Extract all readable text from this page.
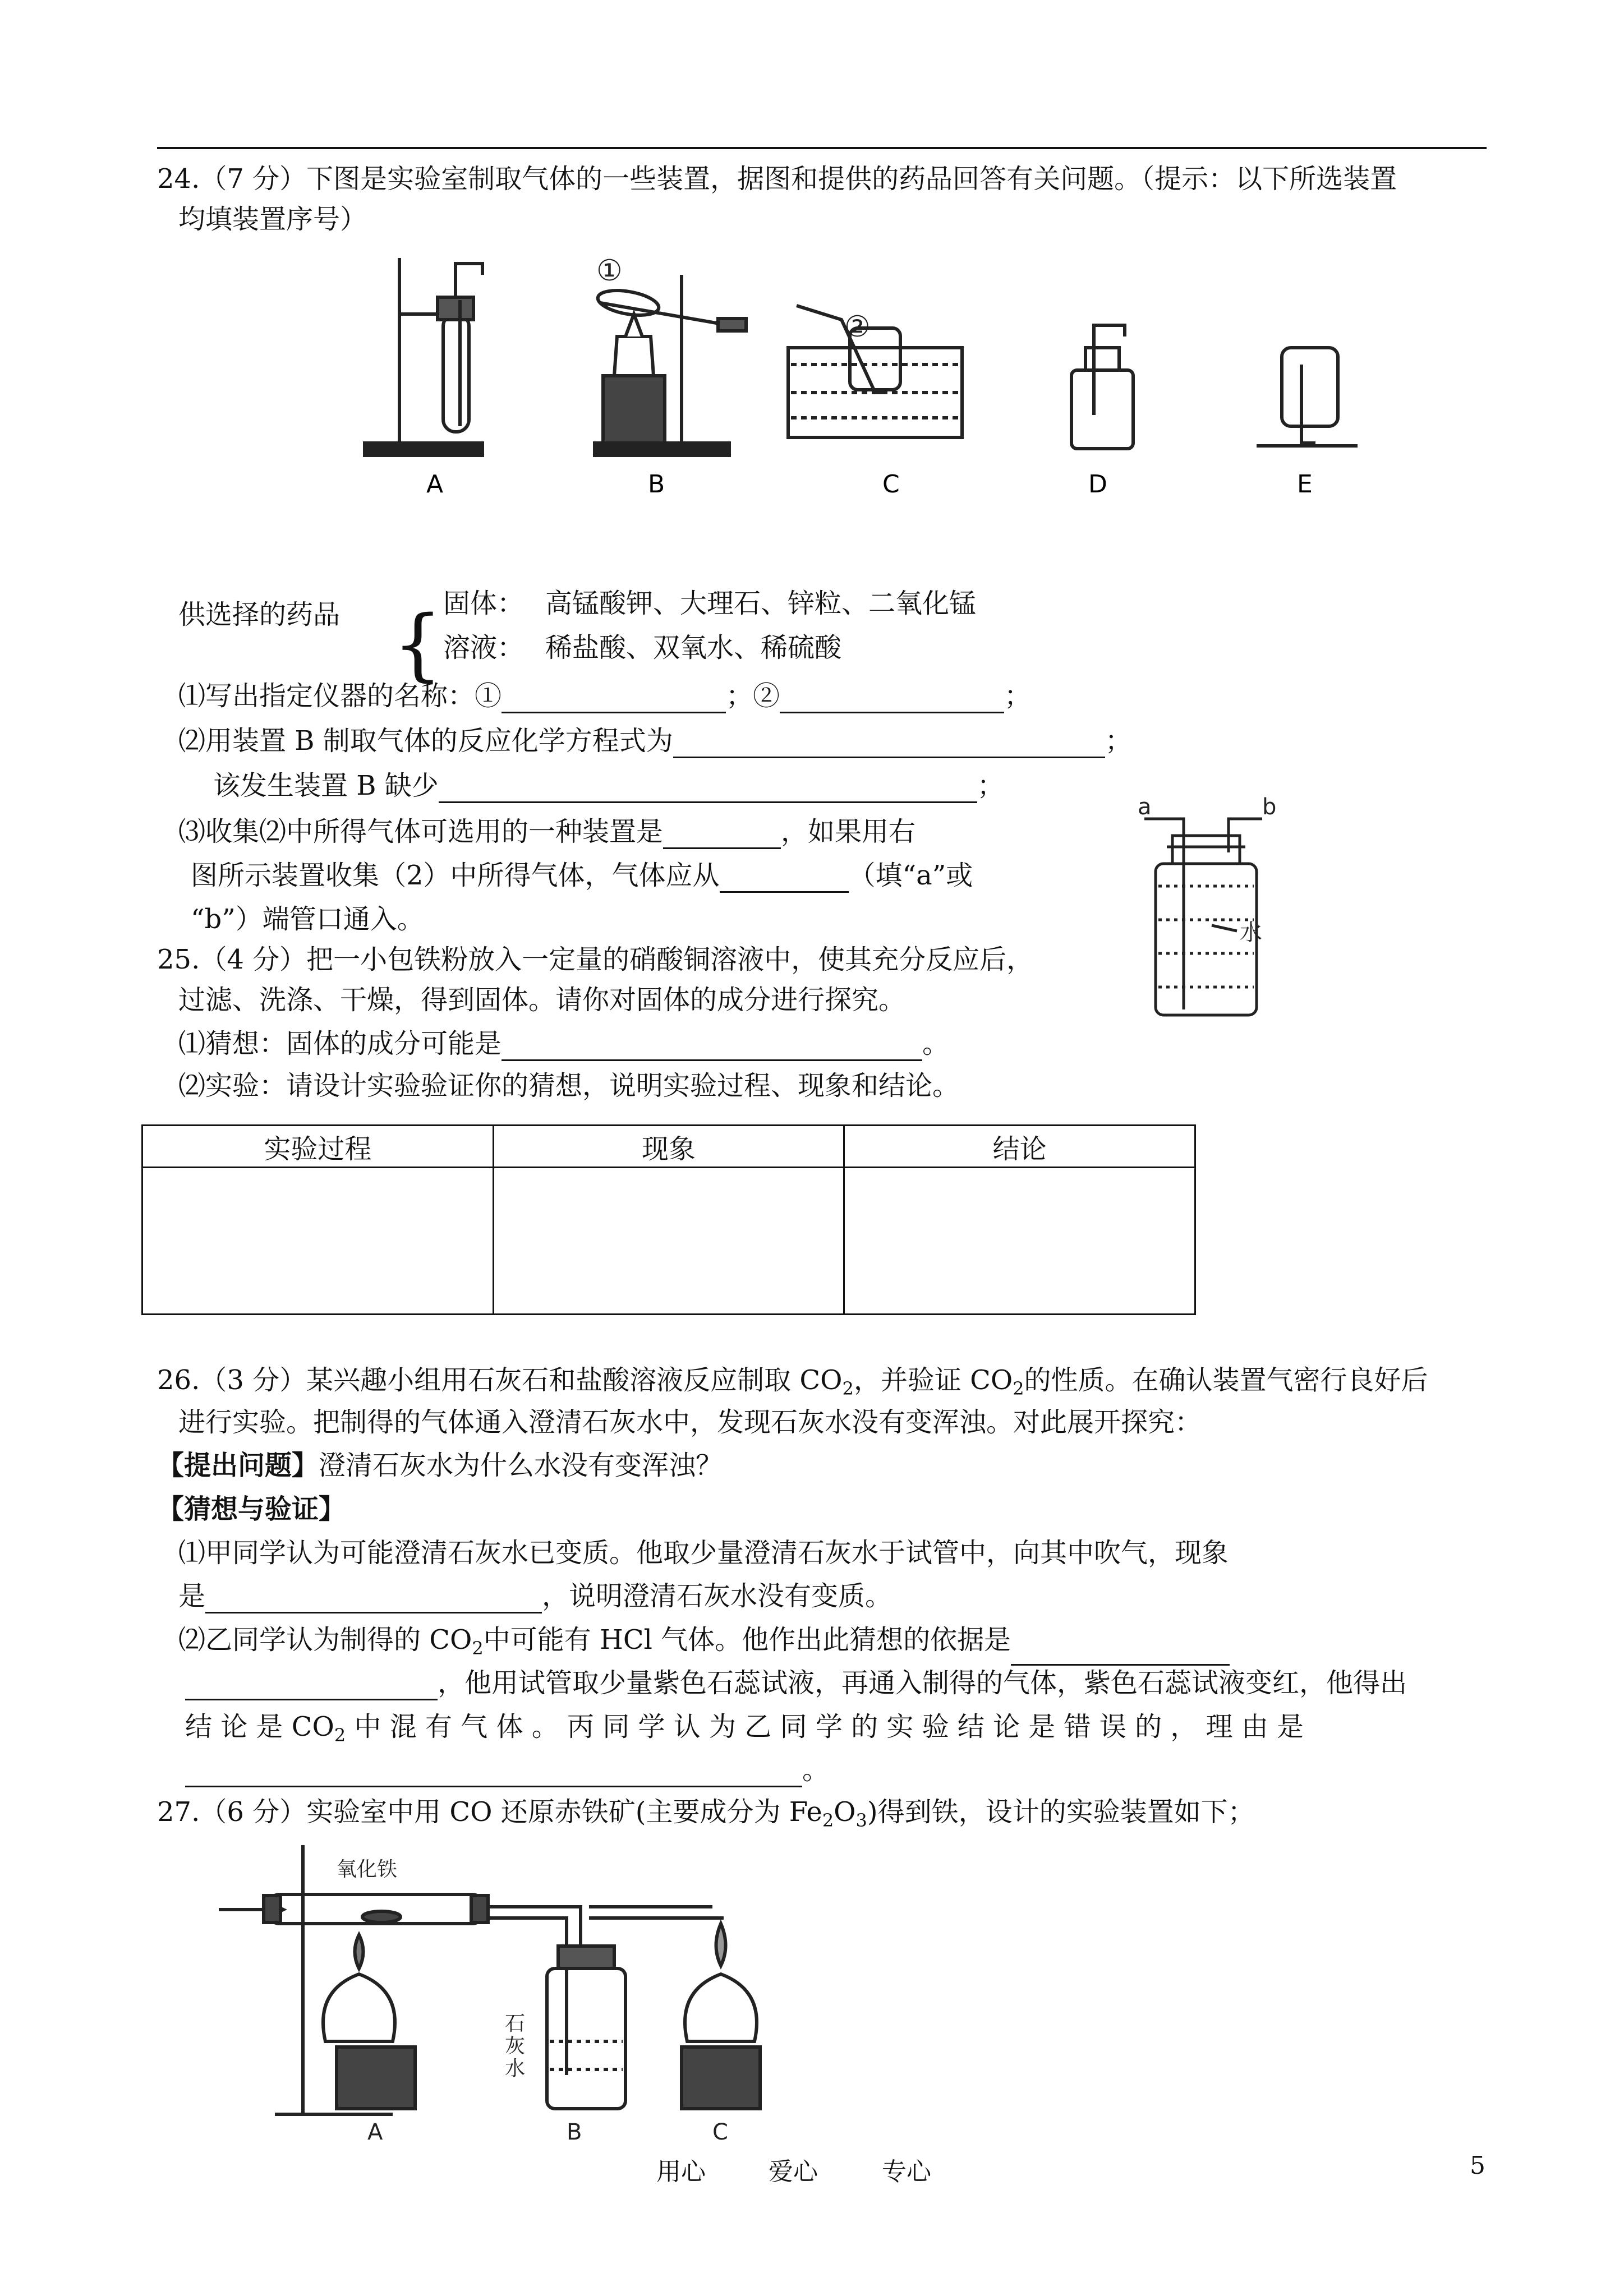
24.（7 分）下图是实验室制取气体的一些装置，据图和提供的药品回答有关问题。（提示：以下所选装置
均填装置序号）
①
②
A	B	C	D	E
a	b
水
供选择的药品 { 固体： 高锰酸钾、大理石、锌粒、二氧化锰
溶液： 稀盐酸、双氧水、稀硫酸
⑴写出指定仪器的名称：①	；②	；
⑵用装置 B 制取气体的反应化学方程式为	；
该发生装置 B 缺少	；
⑶收集⑵中所得气体可选用的一种装置是	，如果用右
图所示装置收集（2）中所得气体，气体应从	（填“a”或
“b”）端管口通入。
25.（4 分）把一小包铁粉放入一定量的硝酸铜溶液中，使其充分反应后，
过滤、洗涤、干燥，得到固体。请你对固体的成分进行探究。
⑴猜想：固体的成分可能是	。
⑵实验：请设计实验验证你的猜想，说明实验过程、现象和结论。
实验过程	现象	结论

26.（3 分）某兴趣小组用石灰石和盐酸溶液反应制取 $CO_2$，并验证 $CO_2$的性质。在确认装置气密行良好后
进行实验。把制得的气体通入澄清石灰水中，发现石灰水没有变浑浊。对此展开探究：
【提出问题】澄清石灰水为什么水没有变浑浊？
【猜想与验证】
⑴甲同学认为可能澄清石灰水已变质。他取少量澄清石灰水于试管中，向其中吹气，现象
是	，说明澄清石灰水没有变质。
⑵乙同学认为制得的 $CO_2$中可能有 HCl 气体。他作出此猜想的依据是
，他用试管取少量紫色石蕊试液，再通入制得的气体，紫色石蕊试液变红，他得出
结 论 是 $CO_2$ 中 混 有 气 体 。 丙 同 学 认 为 乙 同 学 的 实 验 结 论 是 错 误 的 ， 理 由 是
。
27.（6 分）实验室中用 CO 还原赤铁矿(主要成分为 $Fe_2O_3$)得到铁，设计的实验装置如下；
氧化铁
石
灰
水
A	B	C
用心	爱心	专心	5
